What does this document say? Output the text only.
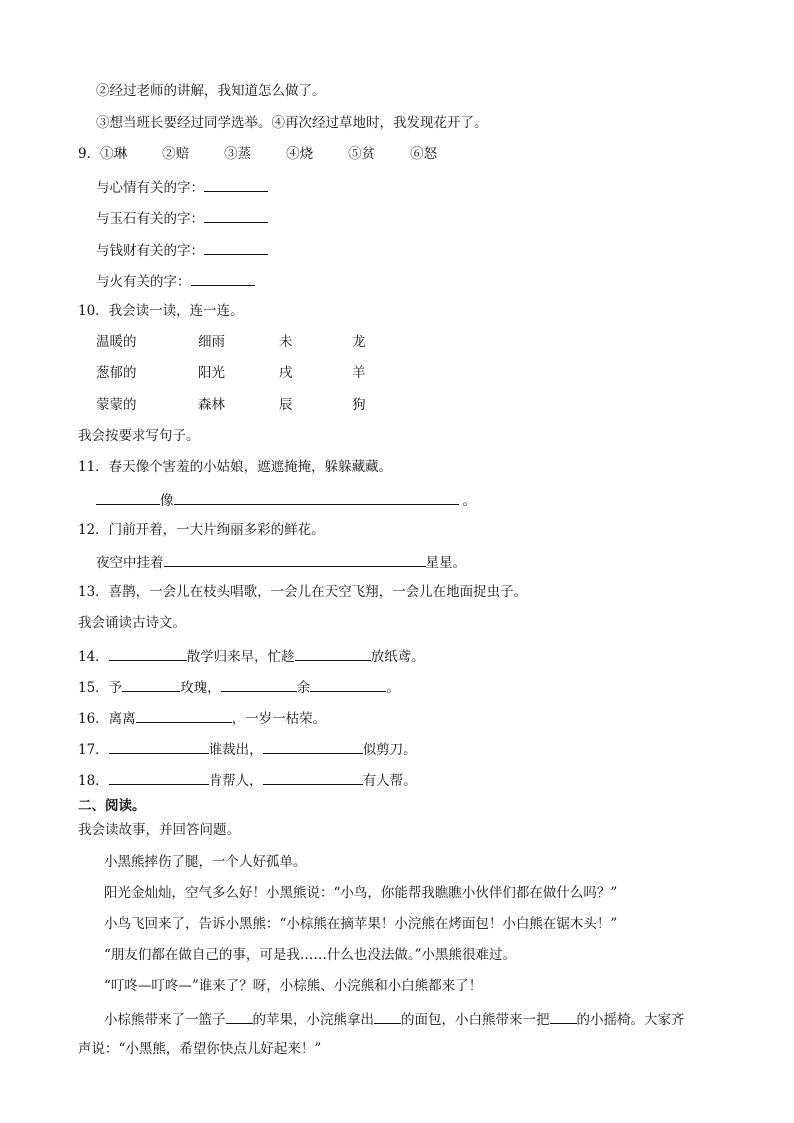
②经过老师的讲解，我知道怎么做了。
③想当班长要经过同学选举。④再次经过草地时，我发现花开了。
9．①琳	②赔	③蒸	④烧	⑤贫	⑥怒
与心情有关的字：
与玉石有关的字：
与钱财有关的字：
与火有关的字：
10．我会读一读，连一连。
温暖的	细雨	未	龙
葱郁的	阳光	戌	羊
蒙蒙的	森林	辰	狗
我会按要求写句子。
11．春天像个害羞的小姑娘，遮遮掩掩，躲躲藏藏。
像	。
12．门前开着，一大片绚丽多彩的鲜花。
夜空中挂着	星星。
13．喜鹊，一会儿在枝头唱歌，一会儿在天空飞翔，一会儿在地面捉虫子。
我会诵读古诗文。
14．	散学归来早，忙趁	放纸鸢。
15．予	玫瑰，	余	。
16．离离	，一岁一枯荣。
17．	谁裁出，	似剪刀。
18．	肯帮人，	有人帮。
二、阅读。
我会读故事，并回答问题。
小黑熊摔伤了腿，一个人好孤单。
阳光金灿灿，空气多么好！小黑熊说：“小鸟，你能帮我瞧瞧小伙伴们都在做什么吗？”
小鸟飞回来了，告诉小黑熊：“小棕熊在摘苹果！小浣熊在烤面包！小白熊在锯木头！”
“朋友们都在做自己的事，可是我……什么也没法做。”小黑熊很难过。
“叮咚—叮咚—”谁来了？呀，小棕熊、小浣熊和小白熊都来了！
小棕熊带来了一篮子 的苹果，小浣熊拿出 的面包，小白熊带来一把 的小摇椅。大家齐
声说：“小黑熊，希望你快点儿好起来！”
